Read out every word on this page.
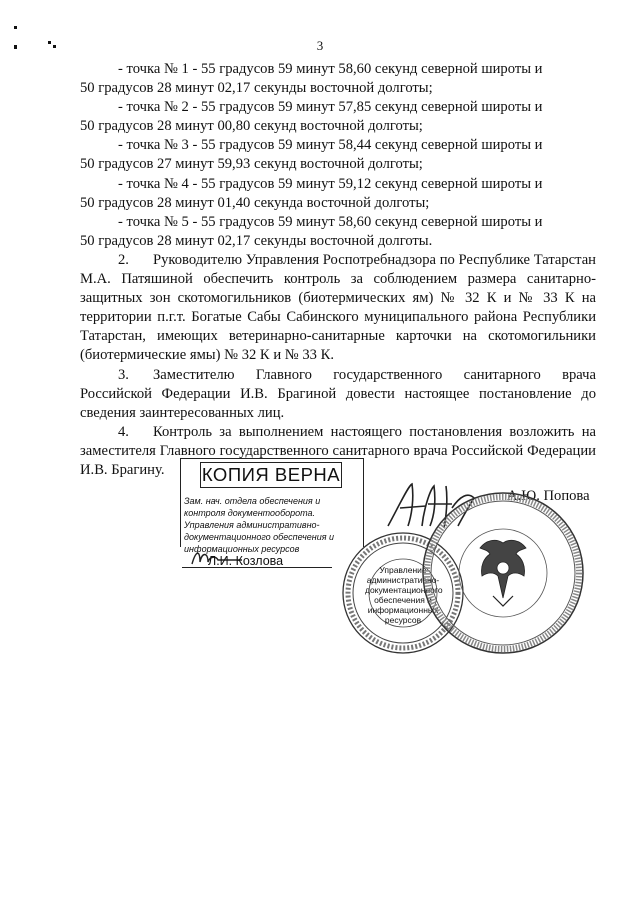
3

- точка № 1 - 55 градусов 59 минут 58,60 секунд северной широты и

50 градусов 28 минут 02,17 секунды восточной долготы;

- точка № 2 - 55 градусов 59 минут 57,85 секунд северной широты и

50 градусов 28 минут 00,80 секунд восточной долготы;

- точка № 3 - 55 градусов 59 минут 58,44 секунд северной широты и

50 градусов 27 минут 59,93 секунд восточной долготы;

- точка № 4 - 55 градусов 59 минут 59,12 секунд северной широты и

50 градусов 28 минут 01,40 секунда восточной долготы;

- точка № 5 - 55 градусов 59 минут 58,60 секунд северной широты и

50 градусов 28 минут 02,17 секунды восточной долготы.

2. Руководителю Управления Роспотребнадзора по Республике Татарстан М.А. Патяшиной обеспечить контроль за соблюдением размера санитарно-защитных зон скотомогильников (биотермических ям) № 32 К и № 33 К на территории п.г.т. Богатые Сабы Сабинского муниципального района Республики Татарстан, имеющих ветеринарно-санитарные карточки на скотомогильники (биотермические ямы) № 32 К и № 33 К.

3. Заместителю Главного государственного санитарного врача Российской Федерации И.В. Брагиной довести настоящее постановление до сведения заинтересованных лиц.

4. Контроль за выполнением настоящего постановления возложить на заместителя Главного государственного санитарного врача Российской Федерации И.В. Брагину.	КОПИЯ ВЕРНА
Зам. нач. отдела обеспечения и контроля документооборота. Управления административно-документационного обеспечения и информационных ресурсов
Л.И. Козлова
А.Ю. Попова
Управление
административно-
документационного
обеспечения и
информационных
ресурсов
